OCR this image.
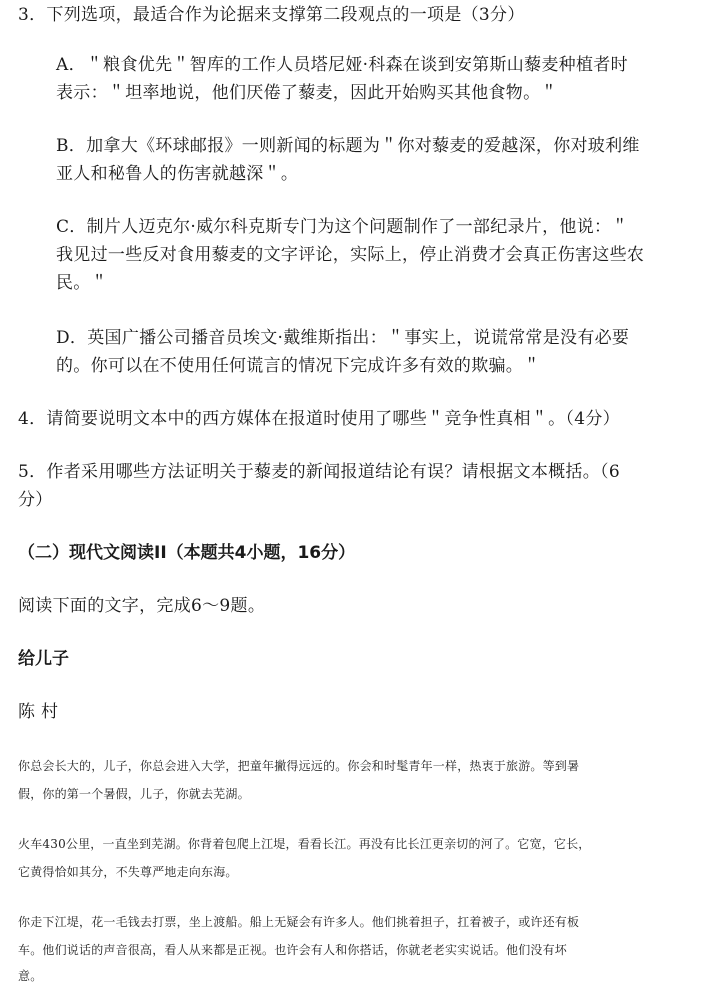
3．下列选项，最适合作为论据来支撑第二段观点的一项是（3分）

A．＂粮食优先＂智库的工作人员塔尼娅·科森在谈到安第斯山藜麦种植者时

表示：＂坦率地说，他们厌倦了藜麦，因此开始购买其他食物。＂

B．加拿大《环球邮报》一则新闻的标题为＂你对藜麦的爱越深，你对玻利维

亚人和秘鲁人的伤害就越深＂。

C．制片人迈克尔·威尔科克斯专门为这个问题制作了一部纪录片，他说：＂

我见过一些反对食用藜麦的文字评论，实际上，停止消费才会真正伤害这些农

民。＂

D．英国广播公司播音员埃文·戴维斯指出：＂事实上，说谎常常是没有必要

的。你可以在不使用任何谎言的情况下完成许多有效的欺骗。＂

4．请简要说明文本中的西方媒体在报道时使用了哪些＂竞争性真相＂。（4分）

5．作者采用哪些方法证明关于藜麦的新闻报道结论有误？请根据文本概括。（6

分）

（二）现代文阅读II（本题共4小题，16分）

阅读下面的文字，完成6～9题。

给儿子

陈 村

你总会长大的，儿子，你总会进入大学，把童年撇得远远的。你会和时髦青年一样，热衷于旅游。等到暑

假，你的第一个暑假，儿子，你就去芜湖。

火车430公里，一直坐到芜湖。你背着包爬上江堤，看看长江。再没有比长江更亲切的河了。它宽，它长，

它黄得恰如其分，不失尊严地走向东海。

你走下江堤，花一毛钱去打票，坐上渡船。船上无疑会有许多人。他们挑着担子，扛着被子，或许还有板

车。他们说话的声音很高，看人从来都是正视。也许会有人和你搭话，你就老老实实说话。他们没有坏

意。
